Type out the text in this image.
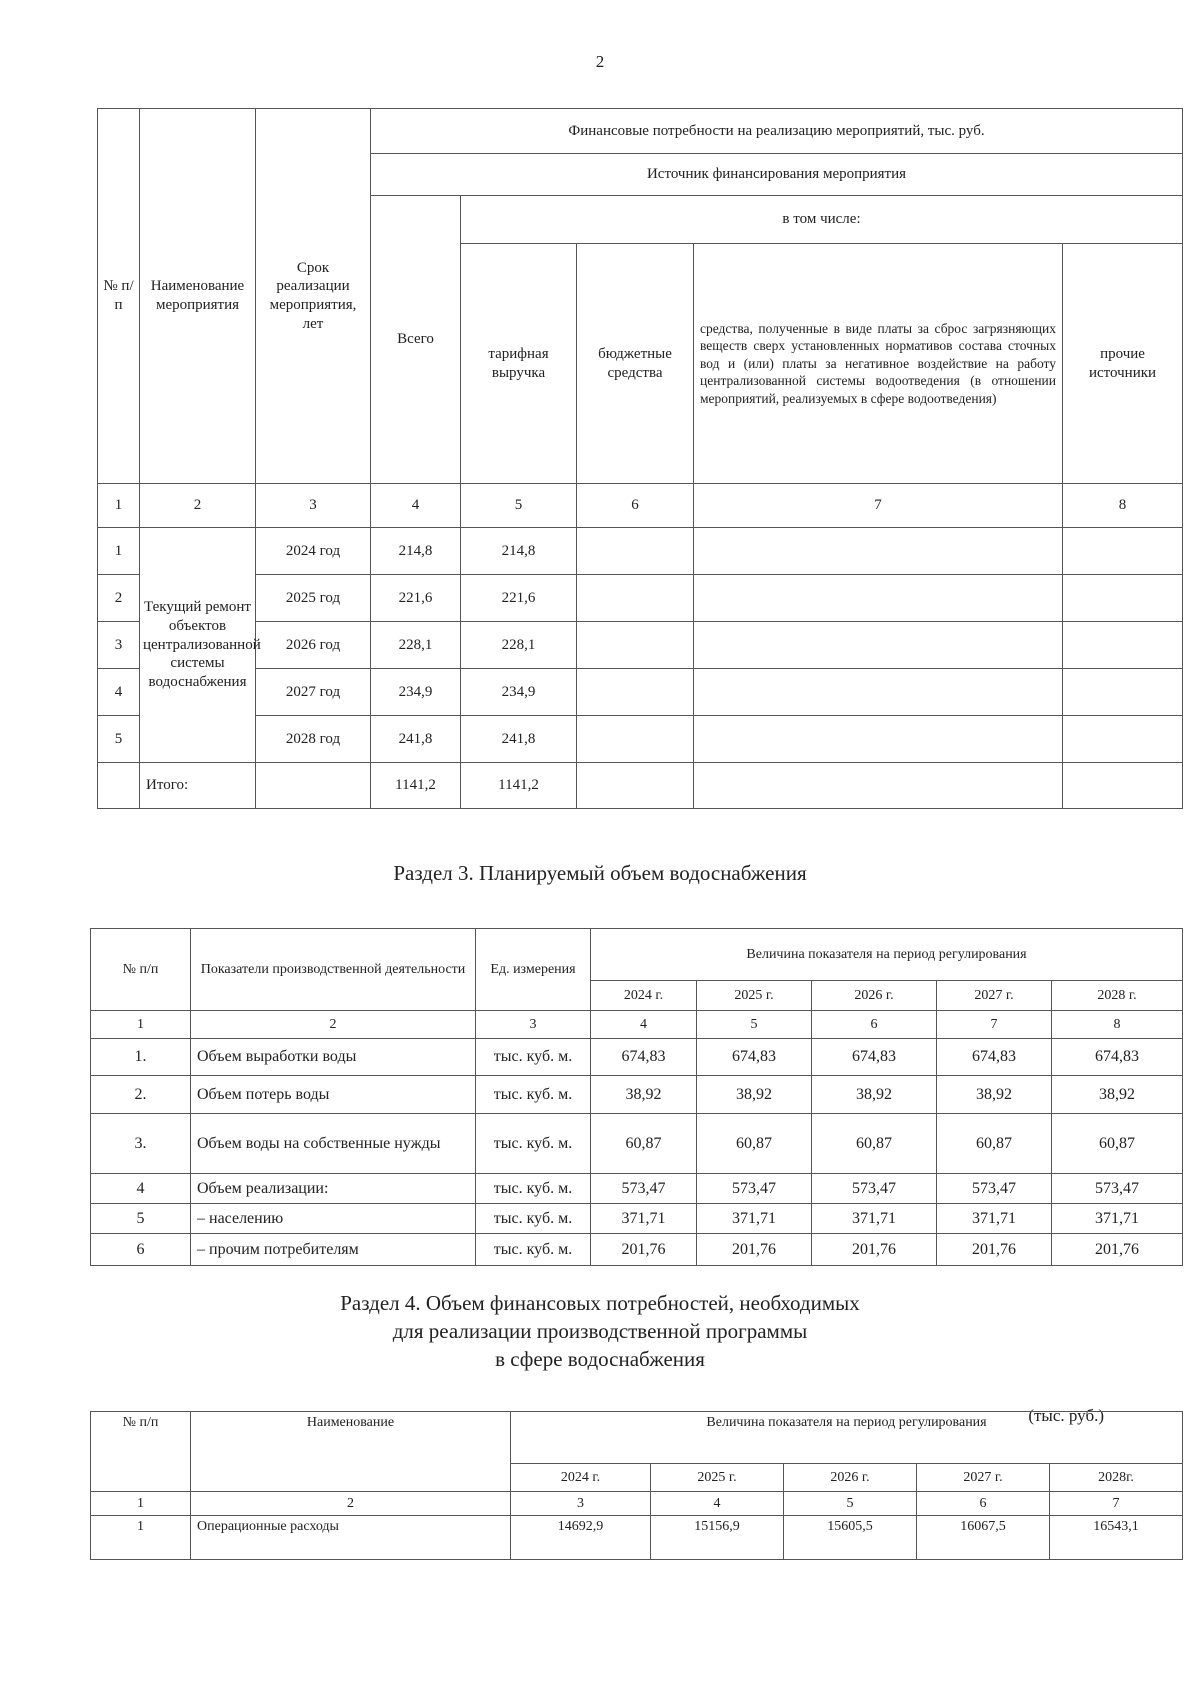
2
№ п/п	Наименование мероприятия	Срок реализации мероприятия, лет	Финансовые потребности на реализацию мероприятий, тыс. руб.				
			Источник финансирования мероприятия				
			Всего	в том числе:			
				тарифная выручка	бюджетные средства	средства, полученные в виде платы за сброс загрязняющих веществ сверх установленных нормативов состава сточных вод и (или) платы за негативное воздействие на работу централизованной системы водоотведения (в отношении мероприятий, реализуемых в сфере водоотведения)	прочие источники
1	2	3	4	5	6	7	8
1	Текущий ремонт объектов централизованной системы водоснабжения	2024 год	214,8	214,8			
2		2025 год	221,6	221,6			
3		2026 год	228,1	228,1			
4		2027 год	234,9	234,9			
5		2028 год	241,8	241,8			
	Итого:		1141,2	1141,2			
Раздел 3. Планируемый объем водоснабжения
№ п/п	Показатели производственной деятельности	Ед. измерения	Величина показателя на период регулирования				
			2024 г.	2025 г.	2026 г.	2027 г.	2028 г.
1	2	3	4	5	6	7	8
1.	Объем выработки воды	тыс. куб. м.	674,83	674,83	674,83	674,83	674,83
2.	Объем потерь воды	тыс. куб. м.	38,92	38,92	38,92	38,92	38,92
3.	Объем воды на собственные нужды	тыс. куб. м.	60,87	60,87	60,87	60,87	60,87
4	Объем реализации:	тыс. куб. м.	573,47	573,47	573,47	573,47	573,47
5	– населению	тыс. куб. м.	371,71	371,71	371,71	371,71	371,71
6	– прочим потребителям	тыс. куб. м.	201,76	201,76	201,76	201,76	201,76
Раздел 4. Объем финансовых потребностей, необходимых
для реализации производственной программы
в сфере водоснабжения
(тыс. руб.)
№ п/п	Наименование	Величина показателя на период регулирования				
		2024 г.	2025 г.	2026 г.	2027 г.	2028г.
1	2	3	4	5	6	7
1	Операционные расходы	14692,9	15156,9	15605,5	16067,5	16543,1
